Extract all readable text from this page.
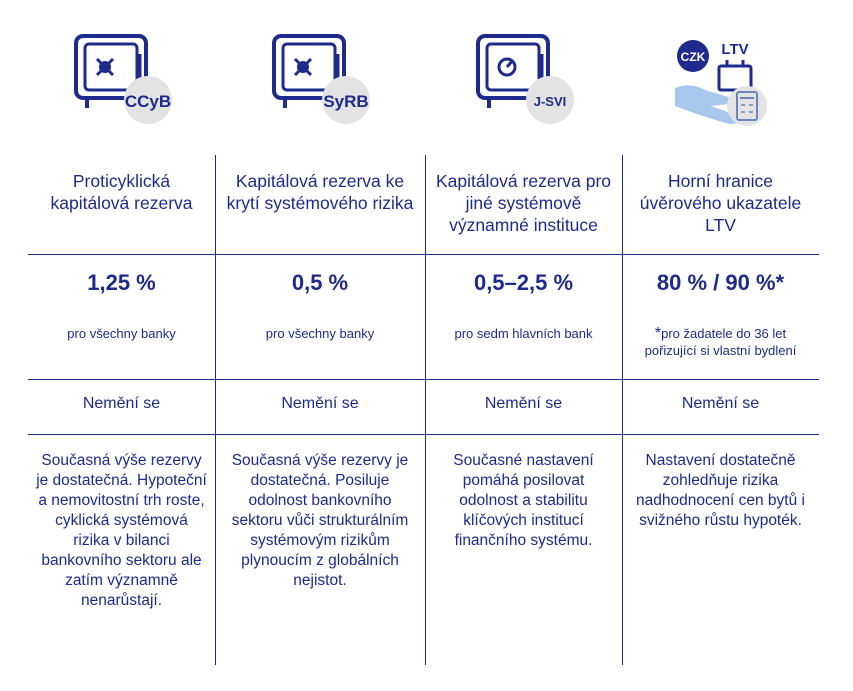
CCyB
Proticyklická kapitálová rezerva
1,25 %
pro všechny banky
Nemění se
Současná výše rezervy je dostatečná. Hypoteční a nemovitostní trh roste, cyklická systémová rizika v bilanci bankovního sektoru ale zatím významně nenarůstají.
SyRB
Kapitálová rezerva ke krytí systémového rizika
0,5 %
pro všechny banky
Nemění se
Současná výše rezervy je dostatečná. Posiluje odolnost bankovního sektoru vůči strukturálním systémovým rizikům plynoucím z globálních nejistot.
J-SVI
Kapitálová rezerva pro jiné systémově významné instituce
0,5–2,5 %
pro sedm hlavních bank
Nemění se
Současné nastavení pomáhá posilovat odolnost a stabilitu klíčových institucí finančního systému.
CZK LTV
Horní hranice úvěrového ukazatele LTV
80 % / 90 %*
*pro žadatele do 36 let pořizující si vlastní bydlení
Nemění se
Nastavení dostatečně zohledňuje rizika nadhodnocení cen bytů i svižného růstu hypoték.
